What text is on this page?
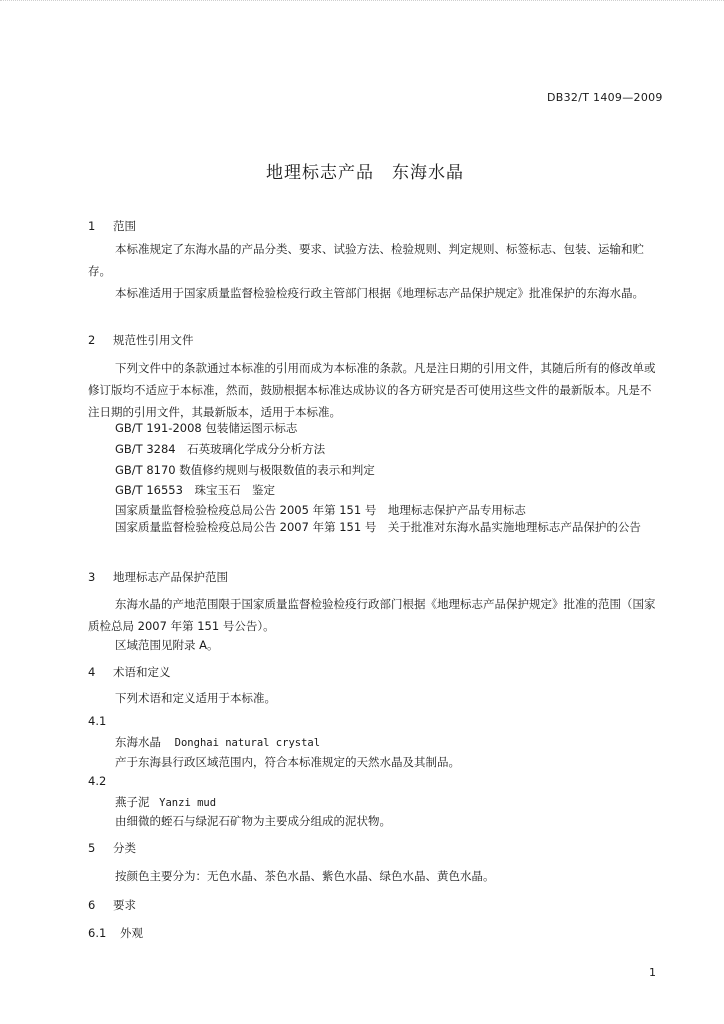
DB32/T 1409—2009
地理标志产品　东海水晶
1 范围
本标准规定了东海水晶的产品分类、要求、试验方法、检验规则、判定规则、标签标志、包装、运输和贮存。
本标准适用于国家质量监督检验检疫行政主管部门根据《地理标志产品保护规定》批准保护的东海水晶。
2 规范性引用文件
下列文件中的条款通过本标准的引用而成为本标准的条款。凡是注日期的引用文件，其随后所有的修改单或修订版均不适应于本标准，然而，鼓励根据本标准达成协议的各方研究是否可使用这些文件的最新版本。凡是不注日期的引用文件，其最新版本，适用于本标准。
GB/T 191-2008 包装储运图示标志
GB/T 3284　石英玻璃化学成分分析方法
GB/T 8170 数值修约规则与极限数值的表示和判定
GB/T 16553　珠宝玉石　鉴定
国家质量监督检验检疫总局公告 2005 年第 151 号　地理标志保护产品专用标志
国家质量监督检验检疫总局公告 2007 年第 151 号　关于批准对东海水晶实施地理标志产品保护的公告
3 地理标志产品保护范围
东海水晶的产地范围限于国家质量监督检验检疫行政部门根据《地理标志产品保护规定》批准的范围（国家质检总局 2007 年第 151 号公告）。
区域范围见附录 A。
4 术语和定义
下列术语和定义适用于本标准。
4.1
东海水晶 Donghai natural crystal
产于东海县行政区域范围内，符合本标准规定的天然水晶及其制品。
4.2
燕子泥 Yanzi mud
由细微的蛭石与绿泥石矿物为主要成分组成的泥状物。
5 分类
按颜色主要分为：无色水晶、茶色水晶、紫色水晶、绿色水晶、黄色水晶。
6 要求
6.1 外观
1
